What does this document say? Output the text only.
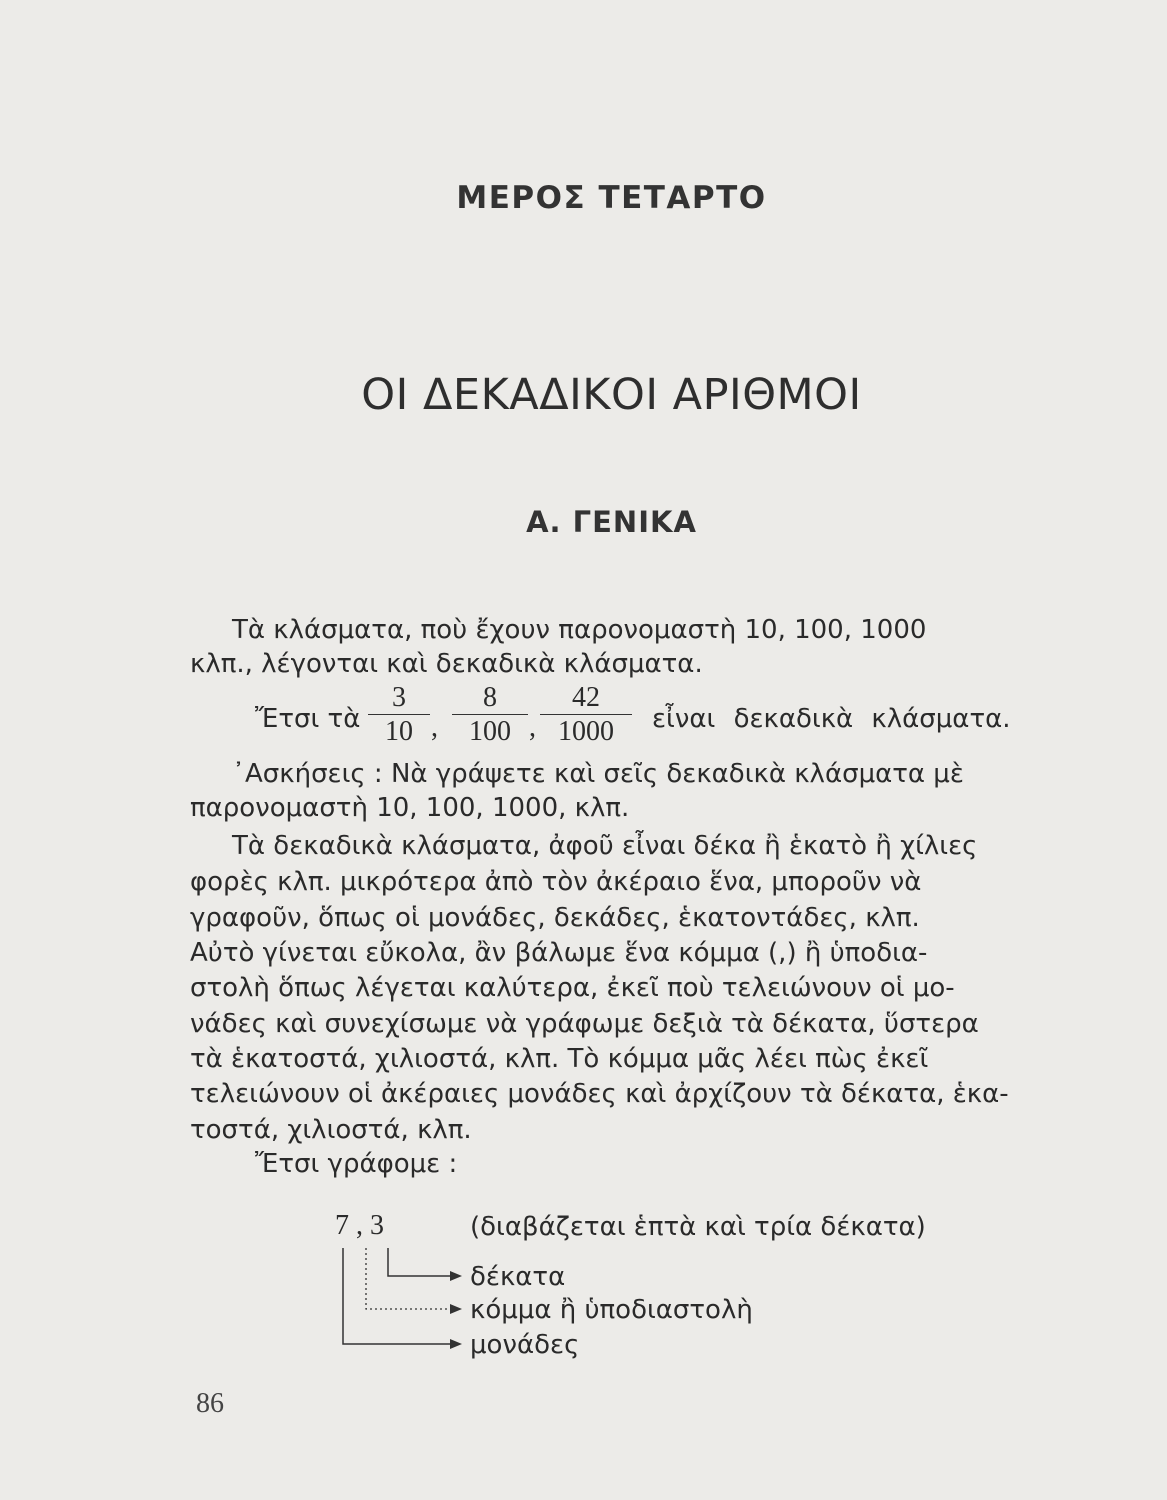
ΜΕΡΟΣ ΤΕΤΑΡΤΟ
ΟΙ ΔΕΚΑΔΙΚΟΙ ΑΡΙΘΜΟΙ
Α. ΓΕΝΙΚΑ
Τὰ κλάσματα, ποὺ ἔχουν παρονομαστὴ 10, 100, 1000
κλπ., λέγονται καὶ δεκαδικὰ κλάσματα.
Ἔτσι τὰ $\frac{3}{10}$ , $\frac{8}{100}$ , $\frac{42}{1000}$ εἶναι δεκαδικὰ κλάσματα.
᾿Ασκήσεις : Νὰ γράψετε καὶ σεῖς δεκαδικὰ κλάσματα μὲ
παρονομαστὴ 10, 100, 1000, κλπ.
Τὰ δεκαδικὰ κλάσματα, ἀφοῦ εἶναι δέκα ἢ ἑκατὸ ἢ χίλιες
φορὲς κλπ. μικρότερα ἀπὸ τὸν ἀκέραιο ἕνα, μποροῦν νὰ
γραφοῦν, ὅπως οἱ μονάδες, δεκάδες, ἑκατοντάδες, κλπ.
Αὐτὸ γίνεται εὔκολα, ἂν βάλωμε ἕνα κόμμα (,) ἢ ὑποδια-
στολὴ ὅπως λέγεται καλύτερα, ἐκεῖ ποὺ τελειώνουν οἱ μο-
νάδες καὶ συνεχίσωμε νὰ γράφωμε δεξιὰ τὰ δέκατα, ὕστερα
τὰ ἑκατοστά, χιλιοστά, κλπ. Τὸ κόμμα μᾶς λέει πὼς ἐκεῖ
τελειώνουν οἱ ἀκέραιες μονάδες καὶ ἀρχίζουν τὰ δέκατα, ἑκα-
τοστά, χιλιοστά, κλπ.
Ἔτσι γράφομε :
7 , 3	(διαβάζεται ἑπτὰ καὶ τρία δέκατα)
δέκατα
κόμμα ἢ ὑποδιαστολὴ
μονάδες
86
